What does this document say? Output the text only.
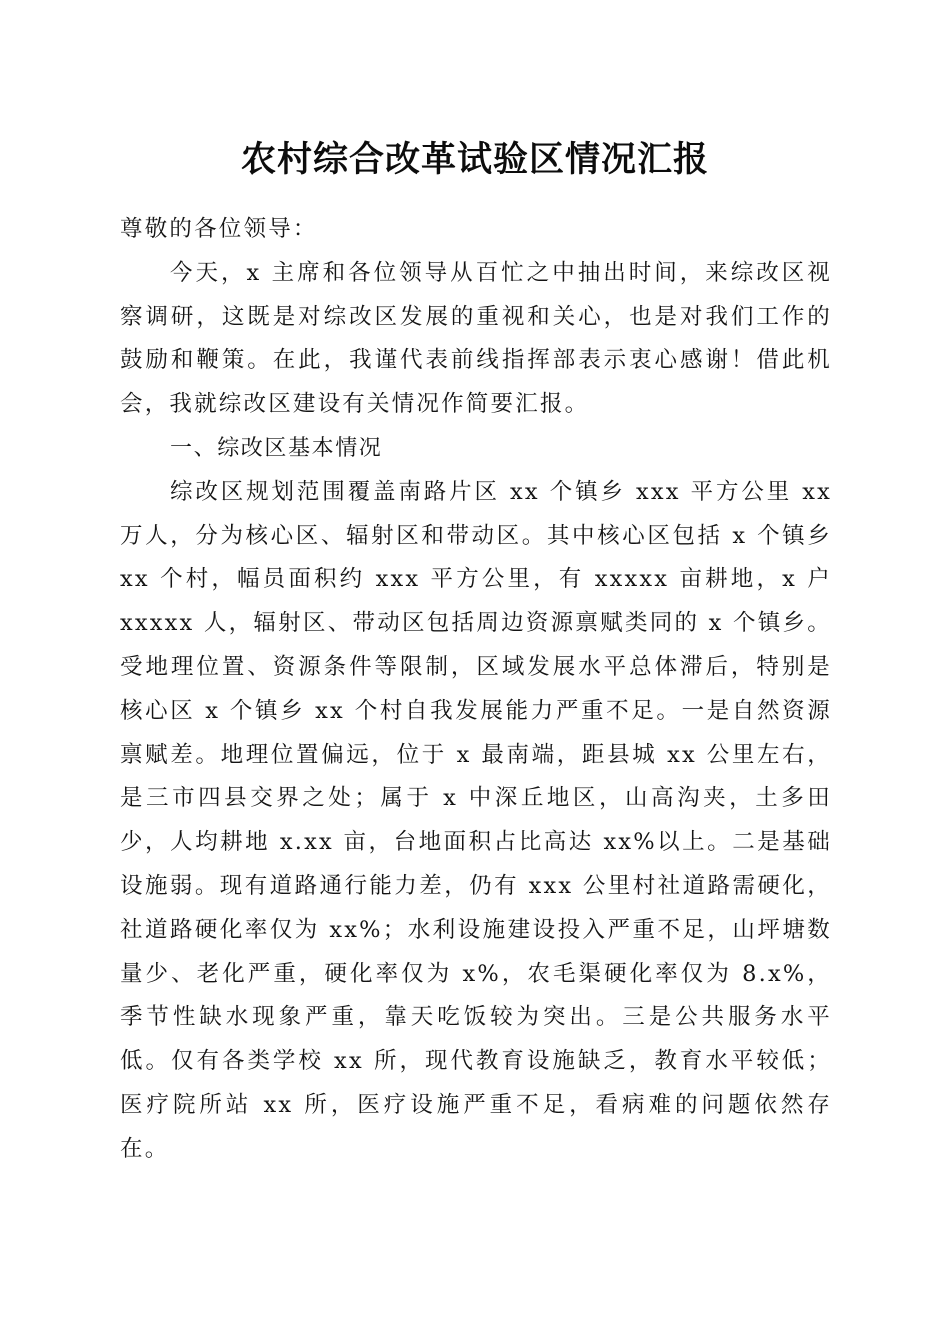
农村综合改革试验区情况汇报

尊敬的各位领导：

今天，x 主席和各位领导从百忙之中抽出时间，来综改区视察调研，这既是对综改区发展的重视和关心，也是对我们工作的鼓励和鞭策。在此，我谨代表前线指挥部表示衷心感谢！借此机会，我就综改区建设有关情况作简要汇报。

一、综改区基本情况

综改区规划范围覆盖南路片区 xx 个镇乡 xxx 平方公里 xx 万人，分为核心区、辐射区和带动区。其中核心区包括 x 个镇乡 xx 个村，幅员面积约 xxx 平方公里，有 xxxxx 亩耕地，x 户 xxxxx 人，辐射区、带动区包括周边资源禀赋类同的 x 个镇乡。受地理位置、资源条件等限制，区域发展水平总体滞后，特别是核心区 x 个镇乡 xx 个村自我发展能力严重不足。一是自然资源禀赋差。地理位置偏远，位于 x 最南端，距县城 xx 公里左右，是三市四县交界之处；属于 x 中深丘地区，山高沟夹，土多田少，人均耕地 x.xx 亩，台地面积占比高达 xx%以上。二是基础设施弱。现有道路通行能力差，仍有 xxx 公里村社道路需硬化，社道路硬化率仅为 xx%；水利设施建设投入严重不足，山坪塘数量少、老化严重，硬化率仅为 x%，农毛渠硬化率仅为 8.x%，季节性缺水现象严重，靠天吃饭较为突出。三是公共服务水平低。仅有各类学校 xx 所，现代教育设施缺乏，教育水平较低；医疗院所站 xx 所，医疗设施严重不足，看病难的问题依然存在。
